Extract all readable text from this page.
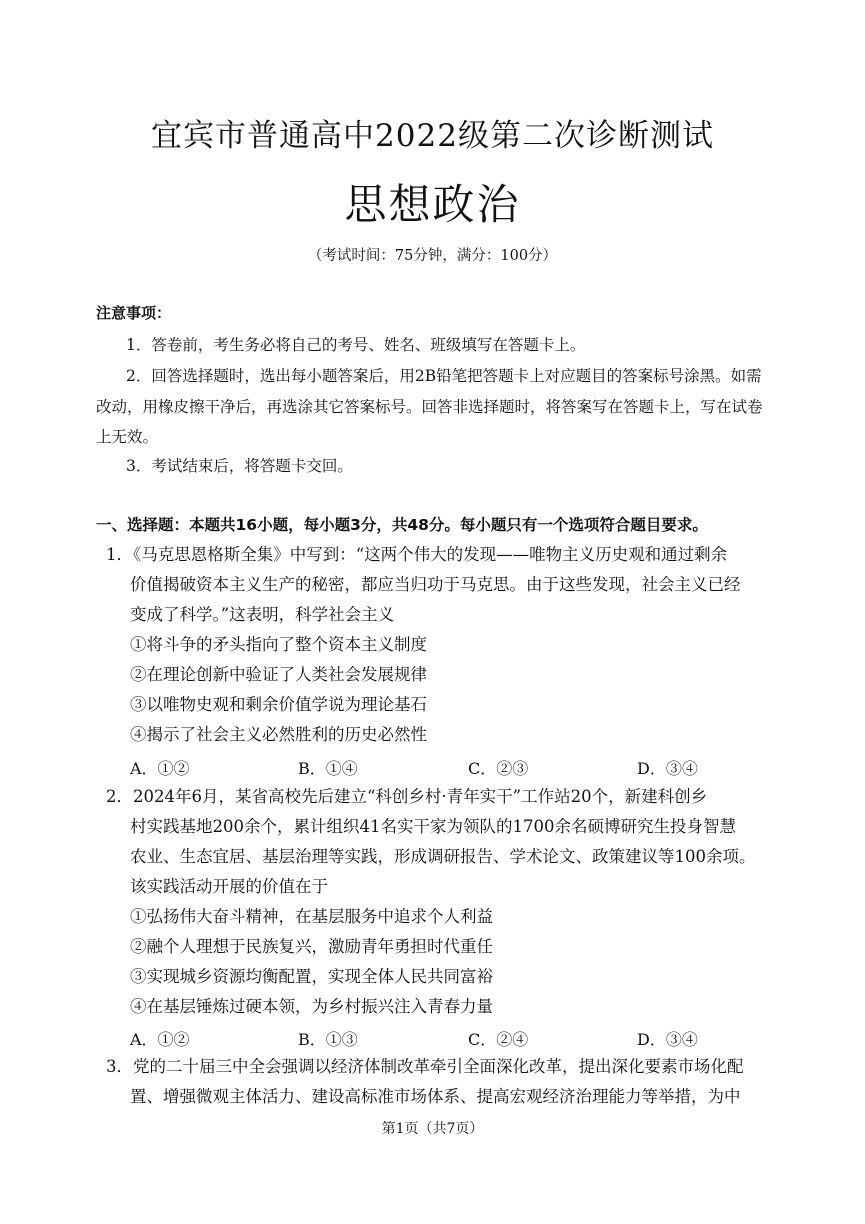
宜宾市普通高中2022级第二次诊断测试
思想政治
（考试时间：75分钟，满分：100分）
注意事项：
1．答卷前，考生务必将自己的考号、姓名、班级填写在答题卡上。
2．回答选择题时，选出每小题答案后，用2B铅笔把答题卡上对应题目的答案标号涂黑。如需
改动，用橡皮擦干净后，再选涂其它答案标号。回答非选择题时，将答案写在答题卡上，写在试卷
上无效。
3．考试结束后，将答题卡交回。
一、选择题：本题共16小题，每小题3分，共48分。每小题只有一个选项符合题目要求。
1．《马克思恩格斯全集》中写到：“这两个伟大的发现——唯物主义历史观和通过剩余
价值揭破资本主义生产的秘密，都应当归功于马克思。由于这些发现，社会主义已经
变成了科学。”这表明，科学社会主义
①将斗争的矛头指向了整个资本主义制度
②在理论创新中验证了人类社会发展规律
③以唯物史观和剩余价值学说为理论基石
④揭示了社会主义必然胜利的历史必然性
A．①②	B．①④	C．②③	D．③④
2．2024年6月，某省高校先后建立“科创乡村·青年实干”工作站20个，新建科创乡
村实践基地200余个，累计组织41名实干家为领队的1700余名硕博研究生投身智慧
农业、生态宜居、基层治理等实践，形成调研报告、学术论文、政策建议等100余项。
该实践活动开展的价值在于
①弘扬伟大奋斗精神，在基层服务中追求个人利益
②融个人理想于民族复兴，激励青年勇担时代重任
③实现城乡资源均衡配置，实现全体人民共同富裕
④在基层锤炼过硬本领，为乡村振兴注入青春力量
A．①②	B．①③	C．②④	D．③④
3．党的二十届三中全会强调以经济体制改革牵引全面深化改革，提出深化要素市场化配
置、增强微观主体活力、建设高标准市场体系、提高宏观经济治理能力等举措，为中
第1页（共7页）
